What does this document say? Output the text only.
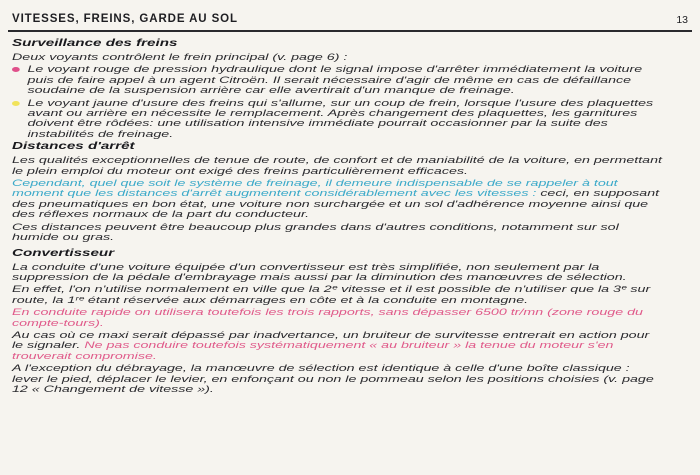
VITESSES, FREINS, GARDE AU SOL	13
Surveillance des freins
Deux voyants contrôlent le frein principal (v. page 6) :
Le voyant rouge de pression hydraulique dont le signal impose d'arrêter immédiatement la voiture puis de faire appel à un agent Citroën. Il serait nécessaire d'agir de même en cas de défaillance soudaine de la suspension arrière car elle avertirait d'un manque de freinage.
Le voyant jaune d'usure des freins qui s'allume, sur un coup de frein, lorsque l'usure des plaquettes avant ou arrière en nécessite le remplacement. Après changement des plaquettes, les garnitures doivent être rôdées: une utilisation intensive immédiate pourrait occasionner par la suite des instabilités de freinage.
Distances d'arrêt
Les qualités exceptionnelles de tenue de route, de confort et de maniabilité de la voiture, en permettant le plein emploi du moteur ont exigé des freins particulièrement efficaces.
Cependant, quel que soit le système de freinage, il demeure indispensable de se rappeler à tout moment que les distances d'arrêt augmentent considérablement avec les vitesses : ceci, en supposant des pneumatiques en bon état, une voiture non surchargée et un sol d'adhérence moyenne ainsi que des réflexes normaux de la part du conducteur.
Ces distances peuvent être beaucoup plus grandes dans d'autres conditions, notamment sur sol humide ou gras.
Convertisseur
La conduite d'une voiture équipée d'un convertisseur est très simplifiée, non seulement par la suppression de la pédale d'embrayage mais aussi par la diminution des manœuvres de sélection.
En effet, l'on n'utilise normalement en ville que la 2ᵉ vitesse et il est possible de n'utiliser que la 3ᵉ sur route, la 1ʳᵉ étant réservée aux démarrages en côte et à la conduite en montagne.
En conduite rapide on utilisera toutefois les trois rapports, sans dépasser 6500 tr/mn (zone rouge du compte-tours).
Au cas où ce maxi serait dépassé par inadvertance, un bruiteur de survitesse entrerait en action pour le signaler. Ne pas conduire toutefois systématiquement « au bruiteur » la tenue du moteur s'en trouverait compromise.
A l'exception du débrayage, la manœuvre de sélection est identique à celle d'une boîte classique : lever le pied, déplacer le levier, en enfonçant ou non le pommeau selon les positions choisies (v. page 12 « Changement de vitesse »).
